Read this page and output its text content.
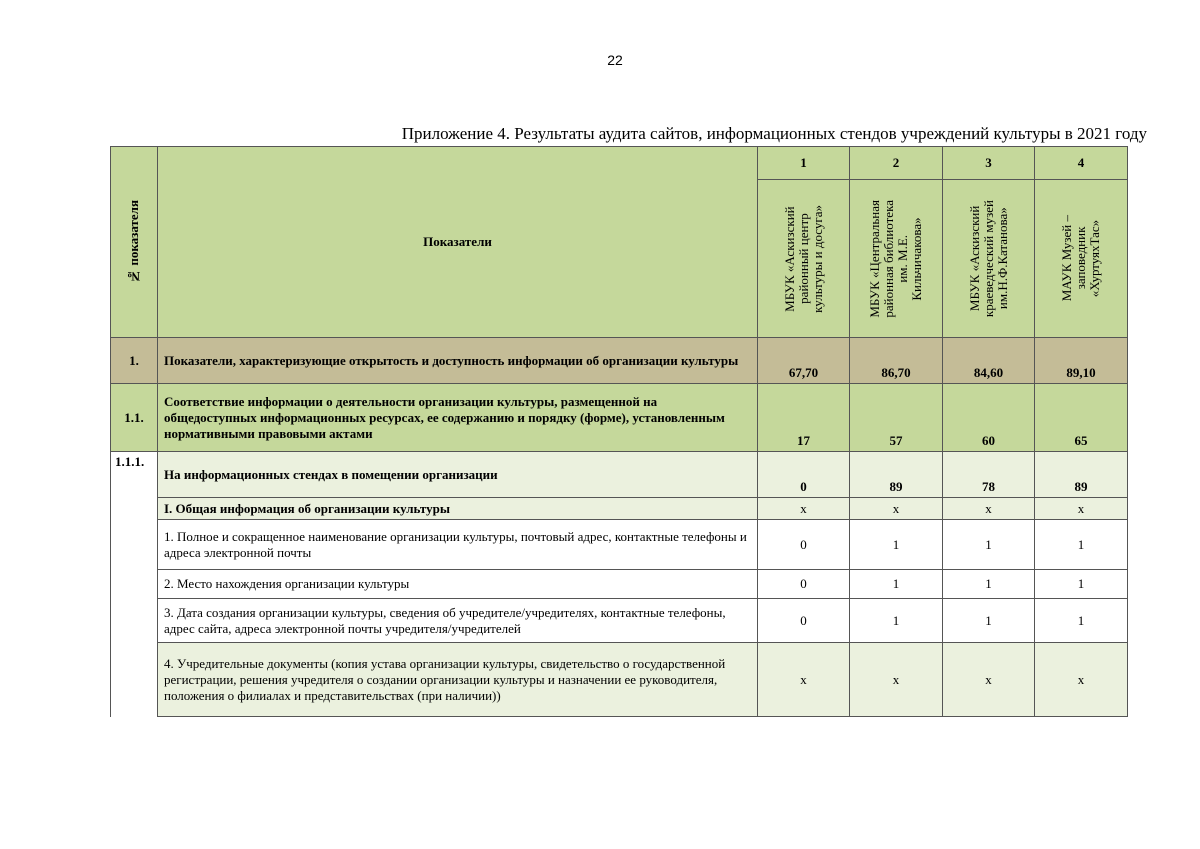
22
Приложение 4. Результаты аудита сайтов, информационных стендов учреждений культуры в 2021 году
№ показателя	Показатели	1	2	3	4

		МБУК «Аскизский
районный центр
культуры и досуга»	МБУК «Центральная
районная библиотека
им. М.Е.
Кильчичакова»	МБУК «Аскизский
краеведческий музей
им.Н.Ф.Катанова»	МАУК Музей –
заповедник
«ХуртуяхТас»

1.	Показатели, характеризующие открытость и доступность информации об организации культуры	67,70	86,70	84,60	89,10
1.1.	Соответствие информации о деятельности организации культуры, размещенной на общедоступных информационных ресурсах, ее содержанию и порядку (форме), установленным нормативными правовыми актами	17	57	60	65
1.1.1.	На информационных стендах в помещении организации	0	89	78	89
	I. Общая информация об организации культуры	х	х	х	х
	1. Полное и сокращенное наименование организации культуры, почтовый адрес, контактные телефоны и адреса электронной почты	0	1	1	1
	2. Место нахождения организации культуры	0	1	1	1
	3. Дата создания организации культуры, сведения об учредителе/учредителях, контактные телефоны, адрес сайта, адреса электронной почты учредителя/учредителей	0	1	1	1
	4. Учредительные документы (копия устава организации культуры, свидетельство о государственной регистрации, решения учредителя о создании организации культуры и назначении ее руководителя, положения о филиалах и представительствах (при наличии))	х	х	х	х
